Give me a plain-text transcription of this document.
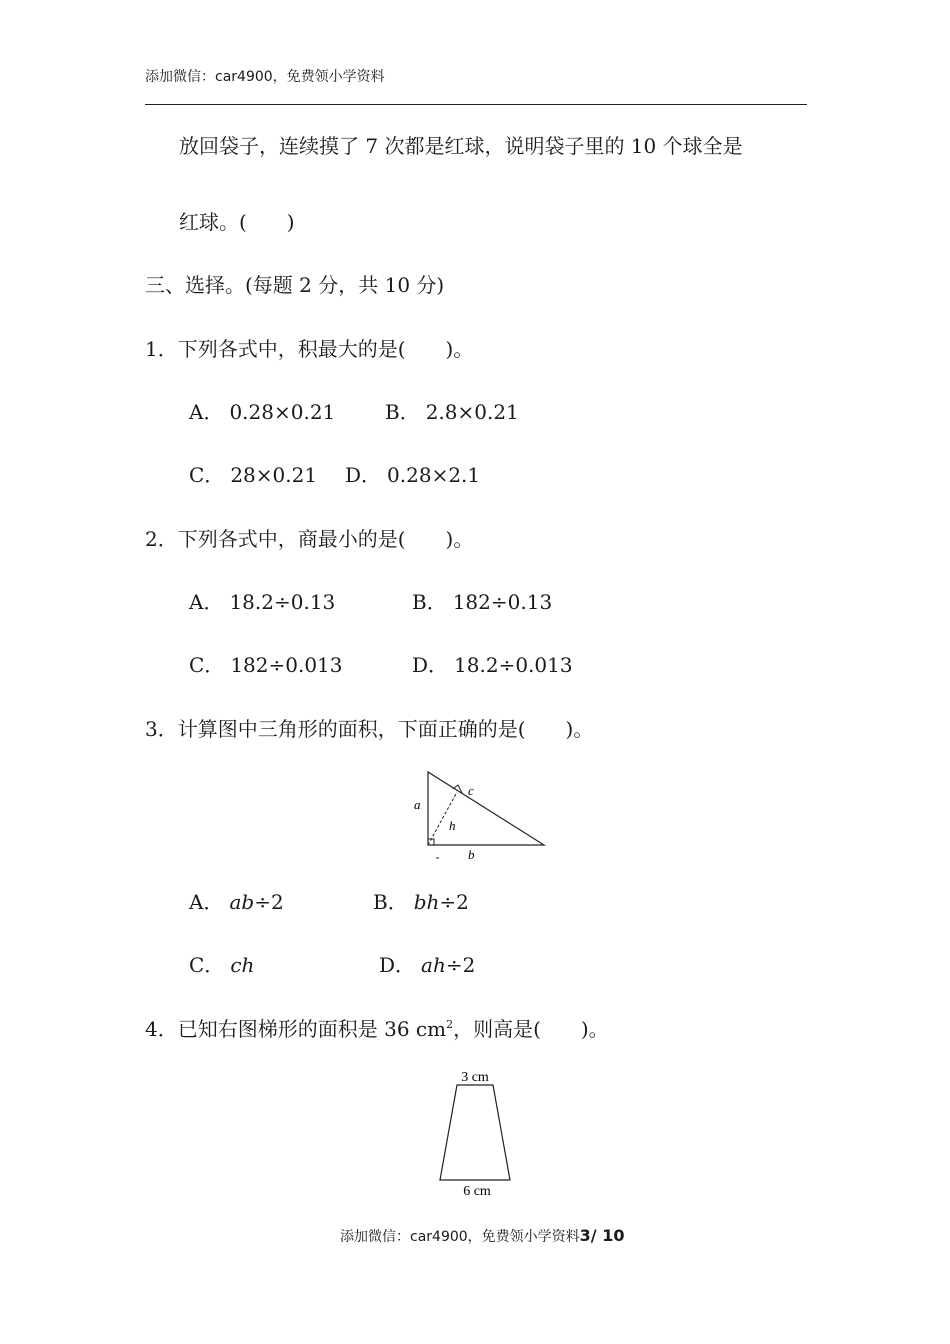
添加微信：car4900，免费领小学资料
放回袋子，连续摸了 7 次都是红球，说明袋子里的 10 个球全是
红球。(　　)
三、选择。(每题 2 分，共 10 分)
1．下列各式中，积最大的是(　　)。
A． 0.28×0.21 B． 2.8×0.21
C． 28×0.21 D． 0.28×2.1
2．下列各式中，商最小的是(　　)。
A． 18.2÷0.13	B． 182÷0.13
C． 182÷0.013	D． 18.2÷0.013
3．计算图中三角形的面积，下面正确的是(　　)。
a
h
c
b
A． ab÷2	B． bh÷2
C． ch	D． ah÷2
4．已知右图梯形的面积是 36 $cm^2$，则高是(　　)。
3 cm
6 cm
添加微信：car4900，免费领小学资料3/ 10
